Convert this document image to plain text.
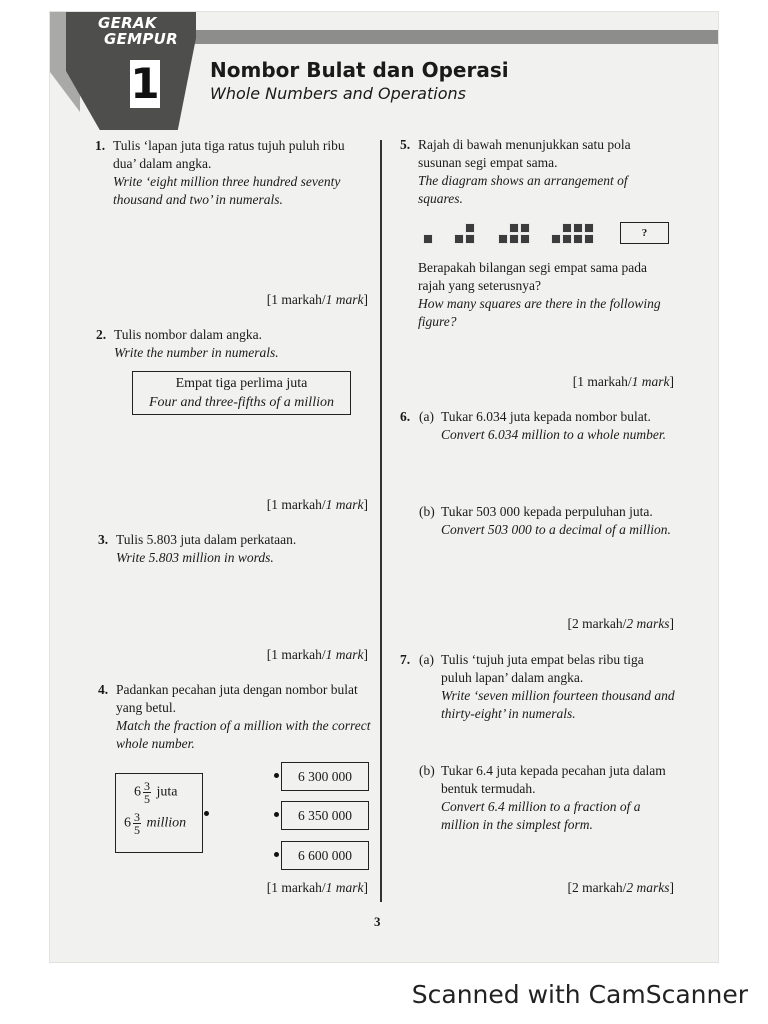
GERAK
GEMPUR
1	Nombor Bulat dan Operasi
Whole Numbers and Operations
1. Tulis ‘lapan juta tiga ratus tujuh puluh ribu dua’ dalam angka.
Write ‘eight million three hundred seventy thousand and two’ in numerals.
[1 markah/1 mark]
2. Tulis nombor dalam angka.
Write the number in numerals.
Empat tiga perlima juta
Four and three-fifths of a million
[1 markah/1 mark]
3. Tulis 5.803 juta dalam perkataan.
Write 5.803 million in words.
[1 markah/1 mark]
4. Padankan pecahan juta dengan nombor bulat yang betul.
Match the fraction of a million with the correct whole number.
$6 \frac{3}{5}$ juta
$6 \frac{3}{5}$ million
6 300 000
6 350 000
6 600 000
[1 markah/1 mark]
5. Rajah di bawah menunjukkan satu pola susunan segi empat sama.
The diagram shows an arrangement of squares.
?
Berapakah bilangan segi empat sama pada rajah yang seterusnya?
How many squares are there in the following figure?
[1 markah/1 mark]
6. (a) Tukar 6.034 juta kepada nombor bulat.
Convert 6.034 million to a whole number.
(b) Tukar 503 000 kepada perpuluhan juta.
Convert 503 000 to a decimal of a million.
[2 markah/2 marks]
7. (a) Tulis ‘tujuh juta empat belas ribu tiga puluh lapan’ dalam angka.
Write ‘seven million fourteen thousand and thirty-eight’ in numerals.
(b) Tukar 6.4 juta kepada pecahan juta dalam bentuk termudah.
Convert 6.4 million to a fraction of a million in the simplest form.
[2 markah/2 marks]
3
Scanned with CamScanner
